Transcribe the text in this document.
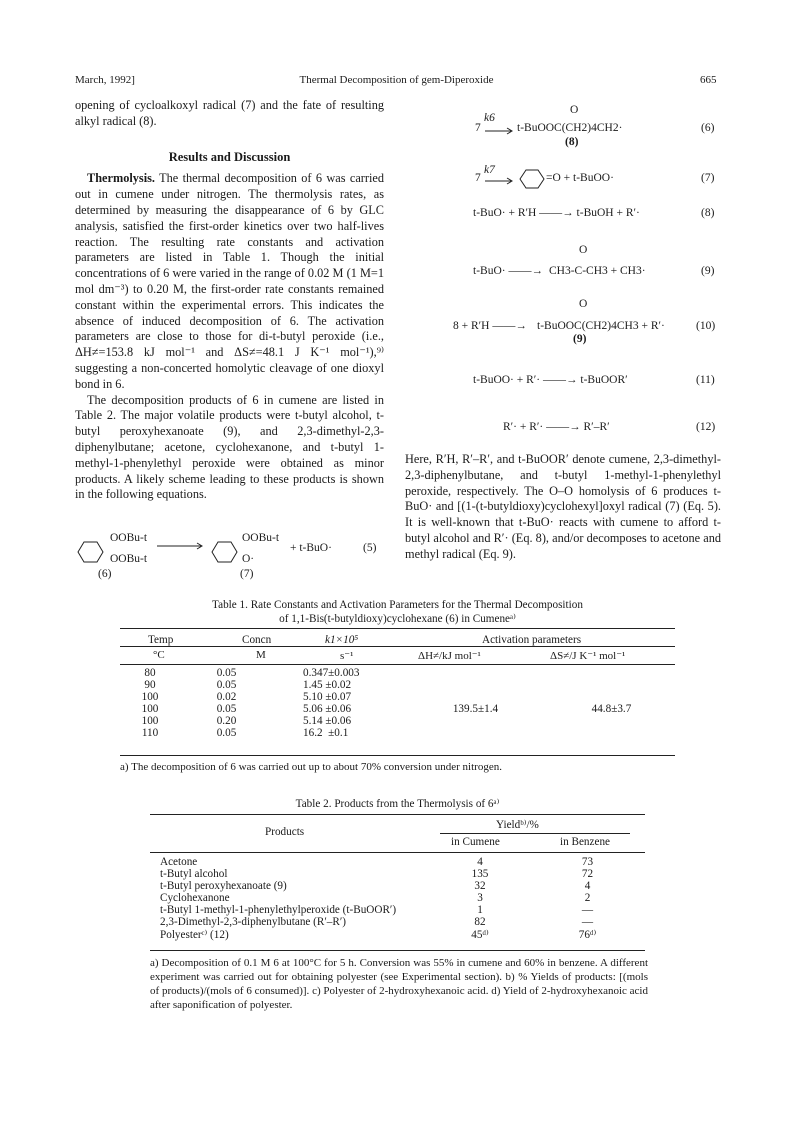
March, 1992]	Thermal Decomposition of gem-Diperoxide	665

opening of cycloalkoxyl radical (7) and the fate of resulting alkyl radical (8).

Results and Discussion

Thermolysis. The thermal decomposition of 6 was carried out in cumene under nitrogen. The thermolysis rates, as determined by measuring the disappearance of 6 by GLC analysis, satisfied the first-order kinetics over two half-lives reaction. The resulting rate constants and activation parameters are listed in Table 1. Though the initial concentrations of 6 were varied in the range of 0.02 M (1 M=1 mol dm⁻³) to 0.20 M, the first-order rate constants remained constant within the experimental errors. This indicates the absence of induced decomposition of 6. The activation parameters are close to those for di-t-butyl peroxide (i.e., ΔH≠=153.8 kJ mol⁻¹ and ΔS≠=48.1 J K⁻¹ mol⁻¹),⁹⁾ suggesting a non-concerted homolytic cleavage of one dioxyl bond in 6.

The decomposition products of 6 in cumene are listed in Table 2. The major volatile products were t-butyl alcohol, t-butyl peroxyhexanoate (9), and 2,3-dimethyl-2,3-diphenylbutane; acetone, cyclohexanone, and t-butyl 1-methyl-1-phenylethyl peroxide were obtained as minor products. A likely scheme leading to these products is shown in the following equations.

OOBu-t
OOBu-t
(6)
OOBu-t
O·
(7)
+ t-BuO·	(5)
O
k6
7	t-BuOOC(CH2)4CH2·
(8)
(6)
k7
7	=O + t-BuOO·	(7)
t-BuO· + R′H ——→ t-BuOH + R′·	(8)
O
t-BuO· ——→ CH3-C-CH3 + CH3·	(9)
O
8 + R′H ——→ t-BuOOC(CH2)4CH3 + R′·
(9)
(10)
t-BuOO· + R′· ——→ t-BuOOR′	(11)
R′· + R′· ——→ R′–R′	(12)

Here, R′H, R′–R′, and t-BuOOR′ denote cumene, 2,3-dimethyl-2,3-diphenylbutane, and t-butyl 1-methyl-1-phenylethyl peroxide, respectively. The O–O homolysis of 6 produces t-BuO· and [(1-(t-butyldioxy)cyclohexyl]oxyl radical (7) (Eq. 5). It is well-known that t-BuO· reacts with cumene to afford t-butyl alcohol and R′· (Eq. 8), and/or decomposes to acetone and methyl radical (Eq. 9).

Table 1. Rate Constants and Activation Parameters for the Thermal Decomposition
of 1,1-Bis(t-butyldioxy)cyclohexane (6) in Cumeneᵃ⁾
Temp	Concn	k1×10⁵	Activation parameters
°C	M	s⁻¹	ΔH≠/kJ mol⁻¹	ΔS≠/J K⁻¹ mol⁻¹
80	0.05	0.347±0.003		
90	0.05	1.45 ±0.02		
100	0.02	5.10 ±0.07		
100	0.05	5.06 ±0.06	139.5±1.4	44.8±3.7
100	0.20	5.14 ±0.06		
110	0.05	16.2  ±0.1		
a) The decomposition of 6 was carried out up to about 70% conversion under nitrogen.
Table 2. Products from the Thermolysis of 6ᵃ⁾
Products
Yieldᵇ⁾/%
in Cumene	in Benzene
Acetone	4	73
t-Butyl alcohol	135	72
t-Butyl peroxyhexanoate (9)	32	4
Cyclohexanone	3	2
t-Butyl 1-methyl-1-phenylethylperoxide (t-BuOOR′)	1	—
2,3-Dimethyl-2,3-diphenylbutane (R′–R′)	82	—
Polyesterᶜ⁾ (12)	45ᵈ⁾	76ᵈ⁾
a) Decomposition of 0.1 M 6 at 100°C for 5 h. Conversion was 55% in cumene and 60% in benzene. A different experiment was carried out for obtaining polyester (see Experimental section). b) % Yields of products: [(mols of products)/(mols of 6 consumed)]. c) Polyester of 2-hydroxyhexanoic acid. d) Yield of 2-hydroxyhexanoic acid after saponification of polyester.
